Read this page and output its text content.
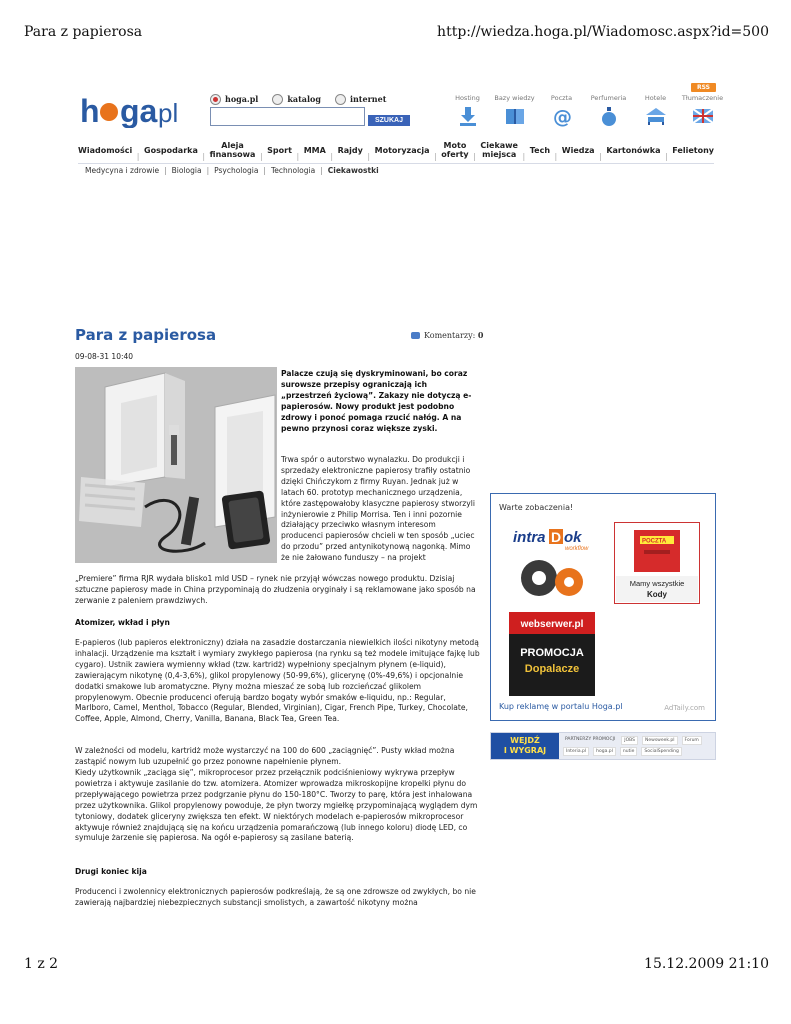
Para z papierosa	http://wiedza.hoga.pl/Wiadomosc.aspx?id=500
1 z 2	15.12.2009 21:10
h ga pl	hoga.pl	katalog	internet
SZUKAJ
RSS
Hosting	Bazy wiedzy	Poczta
@
Perfumeria	Hotele	Tłumaczenie
Wiadomości
|
Gospodarka
|
Aleja
finansowa |
Sport
|
MMA
|
Rajdy
|
Motoryzacja
|
Moto
oferty |
Ciekawe
miejsca |
Tech
|
Wiedza
|
Kartonówka
|
Felietony
Medycyna i zdrowie | Biologia | Psychologia | Technologia | Ciekawostki
Para z papierosa	Komentarzy:
0
09-08-31 10:40
Palacze czują się dyskryminowani, bo coraz surowsze przepisy ograniczają ich „przestrzeń życiową”. Zakazy nie dotyczą e-papierosów. Nowy produkt jest podobno zdrowy i ponoć pomaga rzucić nałóg. A na pewno przynosi coraz większe zyski.
Trwa spór o autorstwo wynalazku. Do produkcji i sprzedaży elektroniczne papierosy trafiły ostatnio dzięki Chińczykom z firmy Ruyan. Jednak już w latach 60. prototyp mechanicznego urządzenia, które zastępowałoby klasyczne papierosy stworzyli inżynierowie z Philip Morrisa. Ten i inni pozornie działający przeciwko własnym interesom producenci papierosów chcieli w ten sposób „uciec do przodu” przed antynikotynową nagonką. Mimo że nie żałowano funduszy – na projekt
„Premiere” firma RJR wydała blisko1 mld USD – rynek nie przyjął wówczas nowego produktu. Dzisiaj sztuczne papierosy made in China przypominają do złudzenia oryginały i są reklamowane jako sposób na zerwanie z paleniem prawdziwych.
Atomizer, wkład i płyn
E-papieros (lub papieros elektroniczny) działa na zasadzie dostarczania niewielkich ilości nikotyny metodą inhalacji. Urządzenie ma kształt i wymiary zwykłego papierosa (na rynku są też modele imitujące fajkę lub cygaro). Ustnik zawiera wymienny wkład (tzw. kartridż) wypełniony specjalnym płynem (e-liquid), zawierającym nikotynę (0,4-3,6%), glikol propylenowy (50-99,6%), glicerynę (0%-49,6%) i opcjonalnie dodatki smakowe lub aromatyczne. Płyny można mieszać ze sobą lub rozcieńczać glikolem propylenowym. Obecnie producenci oferują bardzo bogaty wybór smaków e-liquidu, np.: Regular, Marlboro, Camel, Menthol, Tobacco (Regular, Blended, Virginian), Cigar, French Pipe, Turkey, Chocolate, Coffee, Apple, Almond, Cherry, Vanilla, Banana, Black Tea, Green Tea.
W zależności od modelu, kartridż może wystarczyć na 100 do 600 „zaciągnięć”. Pusty wkład można zastąpić nowym lub uzupełnić go przez ponowne napełnienie płynem.
Kiedy użytkownik „zaciąga się”, mikroprocesor przez przełącznik podciśnieniowy wykrywa przepływ powietrza i aktywuje zasilanie do tzw. atomizera. Atomizer wprowadza mikroskopijne kropelki płynu do przepływającego powietrza przez podgrzanie płynu do 150-180°C. Tworzy to parę, która jest inhalowana przez użytkownika. Glikol propylenowy powoduje, że płyn tworzy mgiełkę przypominającą wyglądem dym tytoniowy, dodatek gliceryny zwiększa ten efekt. W niektórych modelach e-papierosów mikroprocesor aktywuje również znajdującą się na końcu urządzenia pomarańczową (lub innego koloru) diodę LED, co symuluje żarzenie się papierosa. Na ogół e-papierosy są zasilane baterią.
Drugi koniec kija
Producenci i zwolennicy elektronicznych papierosów podkreślają, że są one zdrowsze od zwykłych, bo nie zawierają najbardziej niebezpiecznych substancji smolistych, a zawartość nikotyny można
Warte zobaczenia!
intra D ok
workflow
POCZTA
Mamy wszystkie
Kody
webserwer.pl
PROMOCJA
Dopalacze
Kup reklamę w portalu Hoga.pl	AdTaily.com
WEJDŹ
I WYGRAJ
PARTNERZY PROMOCJI	JOBS	Newsweek.pl	Forum
Interia.pl	hoga.pl	nutie	SocialSpending
